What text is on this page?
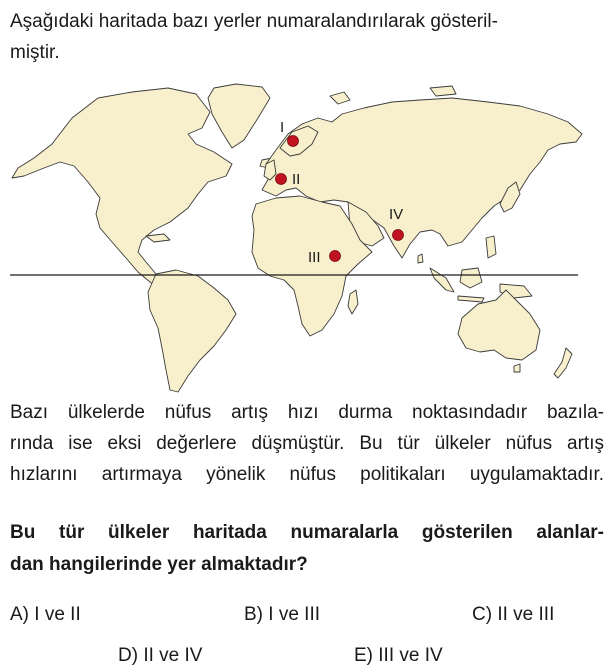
Aşağıdaki haritada bazı yerler numaralandırılarak gösteril-
miştir.
I
II
III
IV
Bazı ülkelerde nüfus artış hızı durma noktasındadır bazıla-
rında ise eksi değerlere düşmüştür. Bu tür ülkeler nüfus artış
hızlarını artırmaya yönelik nüfus politikaları uygulamaktadır.
Bu tür ülkeler haritada numaralarla gösterilen alanlar-
dan hangilerinde yer almaktadır?
A) I ve II	B) I ve III	C) II ve III
D) II ve IV	E) III ve IV
